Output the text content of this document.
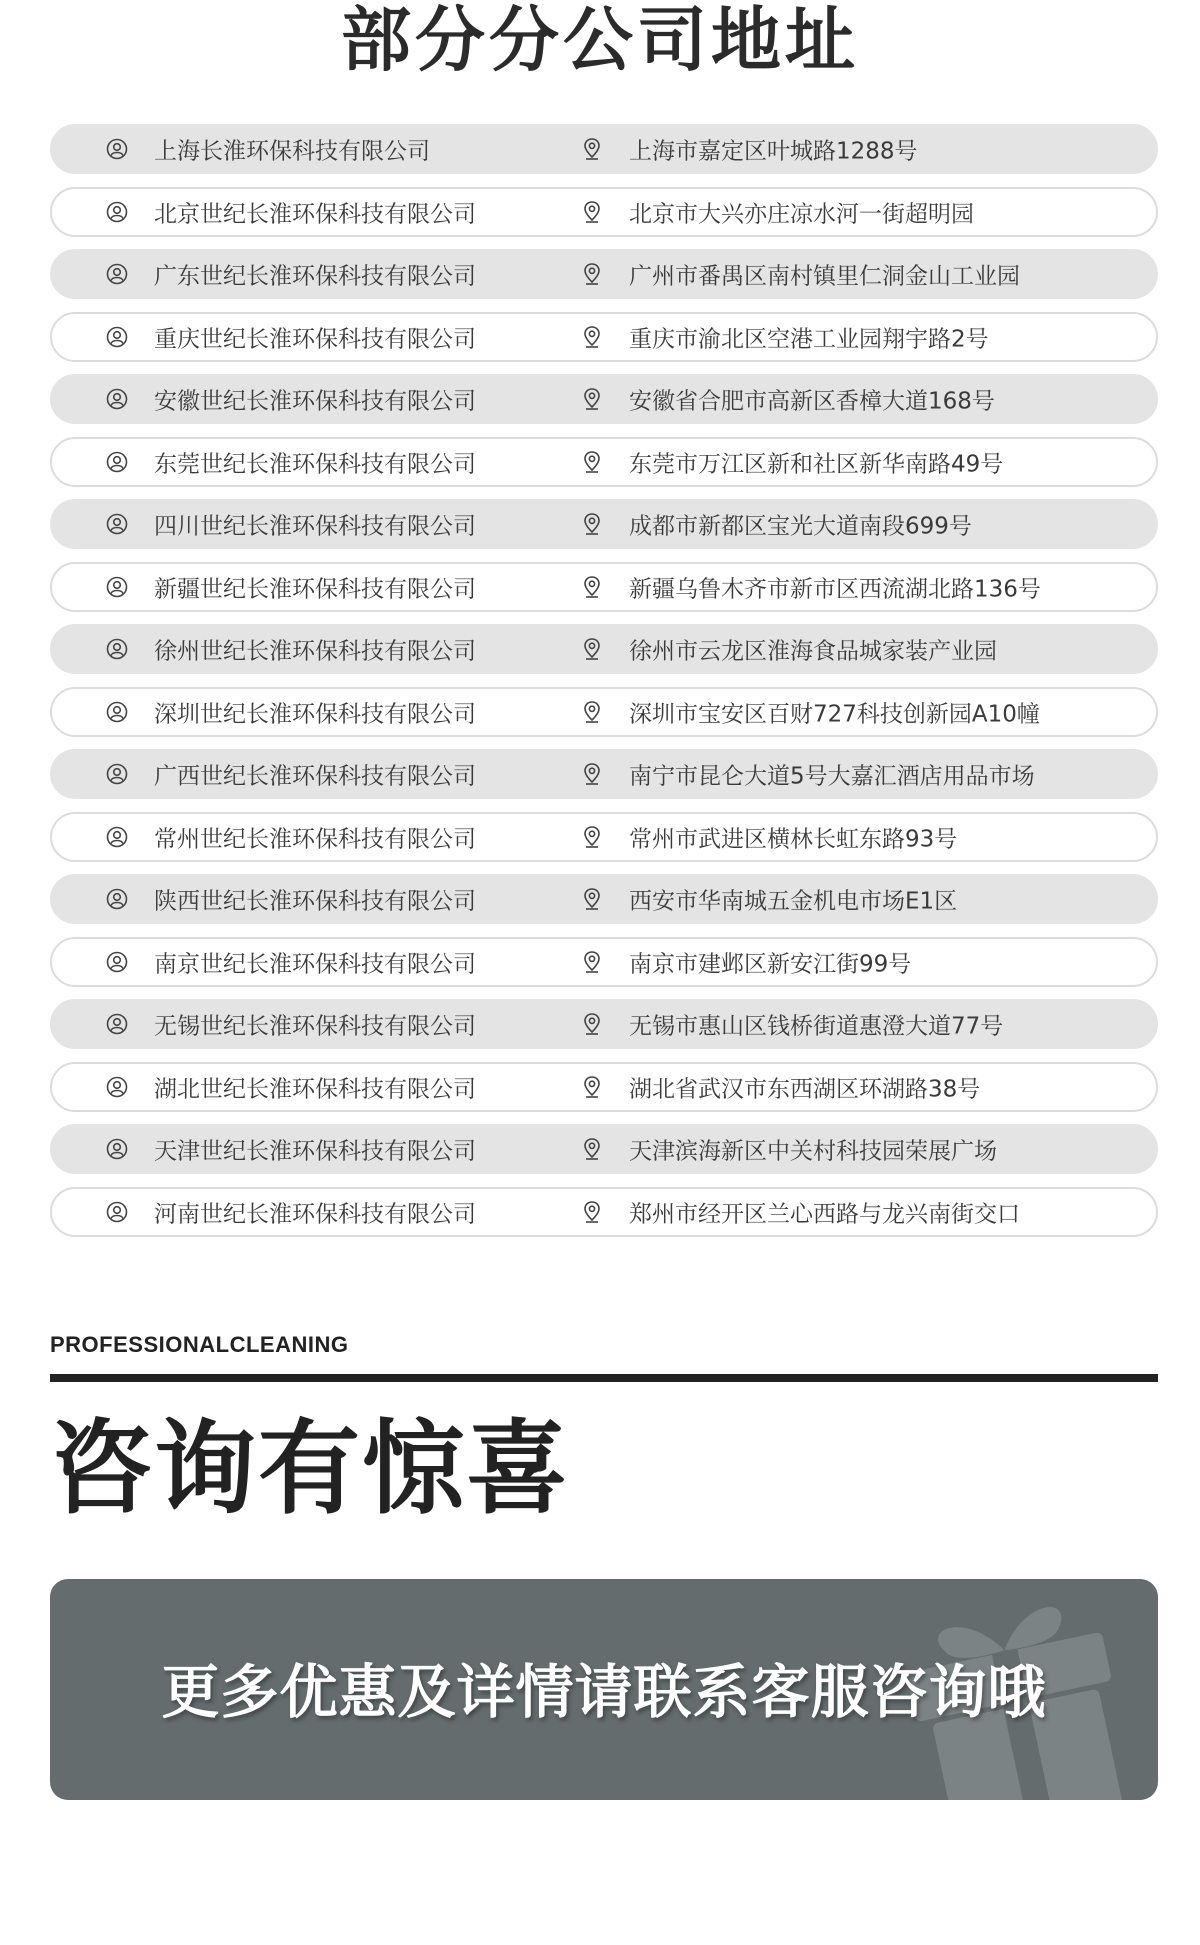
部分分公司地址
上海长淮环保科技有限公司	上海市嘉定区叶城路1288号
北京世纪长淮环保科技有限公司	北京市大兴亦庄凉水河一街超明园
广东世纪长淮环保科技有限公司	广州市番禺区南村镇里仁洞金山工业园
重庆世纪长淮环保科技有限公司	重庆市渝北区空港工业园翔宇路2号
安徽世纪长淮环保科技有限公司	安徽省合肥市高新区香樟大道168号
东莞世纪长淮环保科技有限公司	东莞市万江区新和社区新华南路49号
四川世纪长淮环保科技有限公司	成都市新都区宝光大道南段699号
新疆世纪长淮环保科技有限公司	新疆乌鲁木齐市新市区西流湖北路136号
徐州世纪长淮环保科技有限公司	徐州市云龙区淮海食品城家装产业园
深圳世纪长淮环保科技有限公司	深圳市宝安区百财727科技创新园A10幢
广西世纪长淮环保科技有限公司	南宁市昆仑大道5号大嘉汇酒店用品市场
常州世纪长淮环保科技有限公司	常州市武进区横林长虹东路93号
陕西世纪长淮环保科技有限公司	西安市华南城五金机电市场E1区
南京世纪长淮环保科技有限公司	南京市建邺区新安江街99号
无锡世纪长淮环保科技有限公司	无锡市惠山区钱桥街道惠澄大道77号
湖北世纪长淮环保科技有限公司	湖北省武汉市东西湖区环湖路38号
天津世纪长淮环保科技有限公司	天津滨海新区中关村科技园荣展广场
河南世纪长淮环保科技有限公司	郑州市经开区兰心西路与龙兴南街交口
PROFESSIONALCLEANING
咨询有惊喜
更多优惠及详情请联系客服咨询哦
